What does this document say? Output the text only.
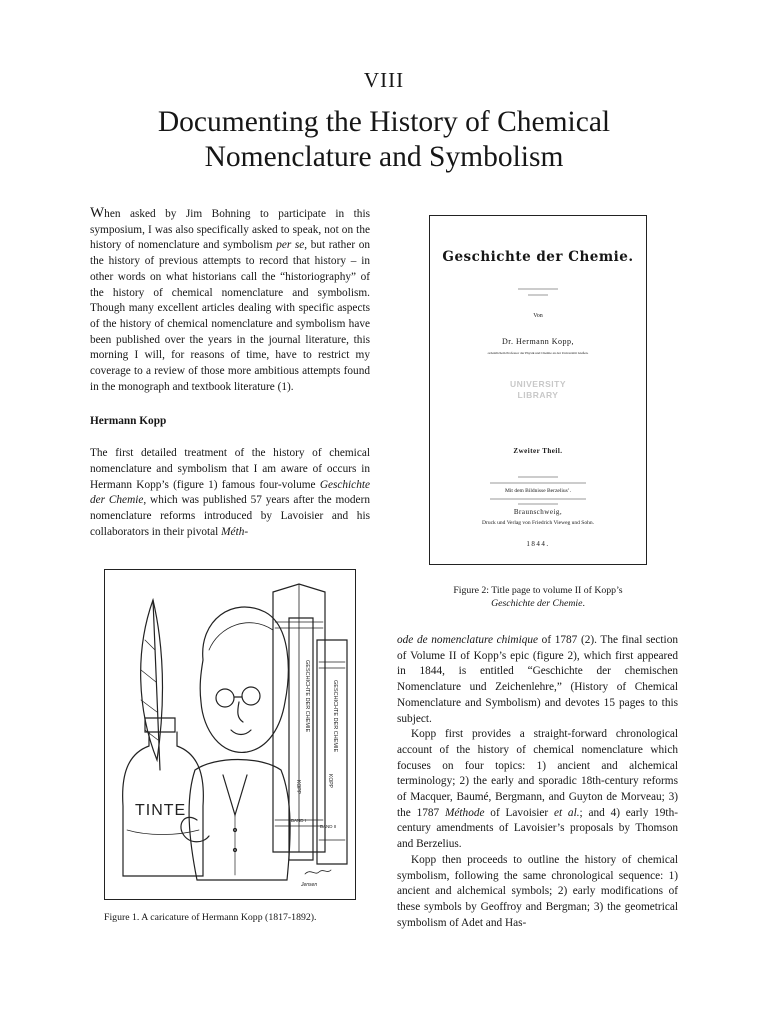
VIII
Documenting the History of Chemical
Nomenclature and Symbolism

When asked by Jim Bohning to participate in this symposium, I was also specifically asked to speak, not on the history of nomenclature and symbolism per se, but rather on the history of previous attempts to record that history – in other words on what historians call the “historiography” of the history of chemical nomenclature and symbolism. Though many excellent articles dealing with specific aspects of the history of chemical nomenclature and symbolism have been published over the years in the journal literature, this morning I will, for reasons of time, have to restrict my coverage to a review of those more ambitious attempts found in the monograph and textbook literature (1).

Hermann Kopp

The first detailed treatment of the history of chemical nomenclature and symbolism that I am aware of occurs in Hermann Kopp’s (figure 1) famous four-volume Geschichte der Chemie, which was published 57 years after the modern nomenclature reforms introduced by Lavoisier and his collaborators in their pivotal Méth-

TINTE
GESCHICHTE DER CHEMIE	GESCHICHTE DER CHEMIE
KOPP	KOPP
BAND I
BAND II
Jensen
Figure 1. A caricature of Hermann Kopp (1817-1892).
Geschichte der Chemie.
Von
Dr. Hermann Kopp,
ordentlichem Professor der Physik und Chemie an der Universität Gießen.
UNIVERSITY
LIBRARY
Zweiter Theil.
Mit dem Bildnisse Berzelius’.
Braunschweig,
Druck und Verlag von Friedrich Vieweg und Sohn.
1844.
Figure 2: Title page to volume II of Kopp’s
Geschichte der Chemie.

ode de nomenclature chimique of 1787 (2). The final section of Volume II of Kopp’s epic (figure 2), which first appeared in 1844, is entitled “Geschichte der chemischen Nomenclature und Zeichenlehre,” (History of Chemical Nomenclature and Symbolism) and devotes 15 pages to this subject.

Kopp first provides a straight-forward chronological account of the history of chemical nomenclature which focuses on four topics: 1) ancient and alchemical terminology; 2) the early and sporadic 18th-century reforms of Macquer, Baumé, Bergmann, and Guyton de Morveau; 3) the 1787 Méthode of Lavoisier et al.; and 4) early 19th-century amendments of Lavoisier’s proposals by Thomson and Berzelius.

Kopp then proceeds to outline the history of chemical symbolism, following the same chronological sequence: 1) ancient and alchemical symbols; 2) early modifications of these symbols by Geoffroy and Bergman; 3) the geometrical symbolism of Adet and Has-
